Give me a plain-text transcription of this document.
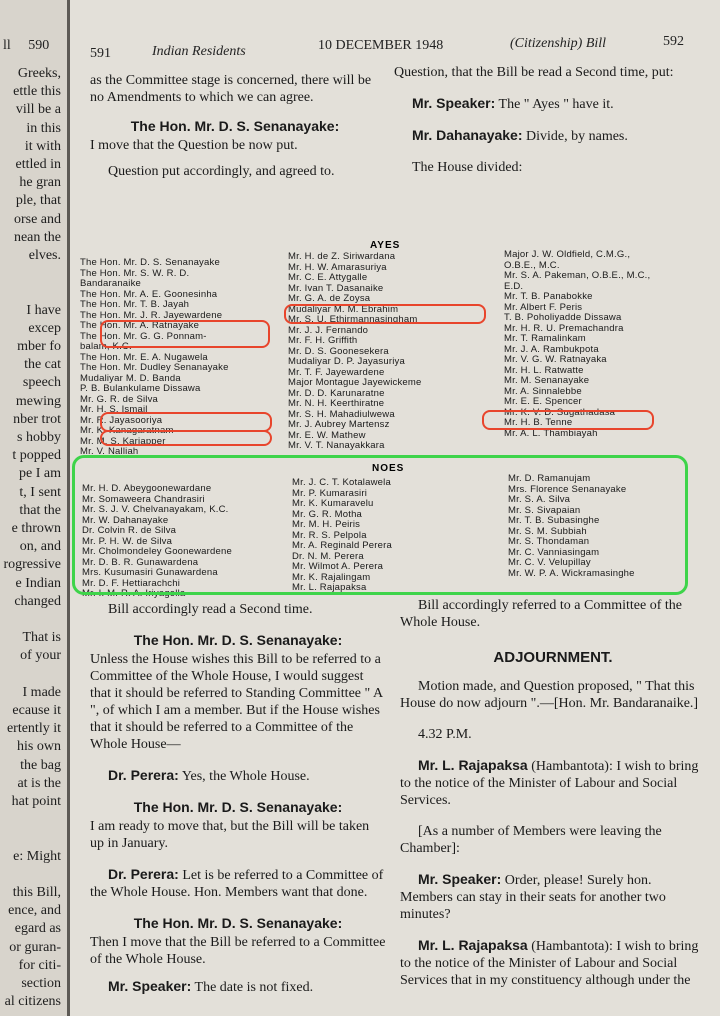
ll 590
Greeks,
ettle this
vill be a
in this
it with
ettled in
he gran
ple, that
orse and
nean the
elves.
I have
excep
mber fo
the cat
speech
mewing
nber trot
s hobby
t popped
pe I am
t, I sent
that the
e thrown
on, and
rogressive
e Indian
changed
That is
of your
I made
ecause it
ertently it
his own
the bag
at is the
hat point
e: Might
this Bill,
ence, and
egard as
or guran-
for citi-
section
al citizens
591	Indian Residents	10 DECEMBER 1948	(Citizenship) Bill	592

as the Committee stage is concerned, there will be no Amendments to which we can agree.

The Hon. Mr. D. S. Senanayake:

I move that the Question be now put.

Question put accordingly, and agreed to.

Question, that the Bill be read a Second time, put:

Mr. Speaker: The " Ayes " have it.

Mr. Dahanayake: Divide, by names.

The House divided:

AYES
The Hon. Mr. D. S. Senanayake
The Hon. Mr. S. W. R. D.
Bandaranaike
The Hon. Mr. A. E. Goonesinha
The Hon. Mr. T. B. Jayah
The Hon. Mr. J. R. Jayewardene
The Hon. Mr. A. Ratnayake
The Hon. Mr. G. G. Ponnam-
balam, K.C.
The Hon. Mr. E. A. Nugawela
The Hon. Mr. Dudley Senanayake
Mudaliyar M. D. Banda
P. B. Bulankulame Dissawa
Mr. G. R. de Silva
Mr. H. S. Ismail
Mr. R. Jayasooriya
Mr. K. Kanagaratnam
Mr. M. S. Kariapper
Mr. V. Nalliah
Mr. H. de Z. Siriwardana
Mr. H. W. Amarasuriya
Mr. C. E. Attygalle
Mr. Ivan T. Dasanaike
Mr. G. A. de Zoysa
Mudaliyar M. M. Ebrahim
Mr. S. U. Ethirmannasingham
Mr. J. J. Fernando
Mr. F. H. Griffith
Mr. D. S. Goonesekera
Mudaliyar D. P. Jayasuriya
Mr. T. F. Jayewardene
Major Montague Jayewickeme
Mr. D. D. Karunaratne
Mr. N. H. Keerthiratne
Mr. S. H. Mahadiulwewa
Mr. J. Aubrey Martensz
Mr. E. W. Mathew
Mr. V. T. Nanayakkara
Major J. W. Oldfield, C.M.G.,
O.B.E., M.C.
Mr. S. A. Pakeman, O.B.E., M.C.,
E.D.
Mr. T. B. Panabokke
Mr. Albert F. Peris
T. B. Poholiyadde Dissawa
Mr. H. R. U. Premachandra
Mr. T. Ramalinkam
Mr. J. A. Rambukpota
Mr. V. G. W. Ratnayaka
Mr. H. L. Ratwatte
Mr. M. Senanayake
Mr. A. Sinnalebbe
Mr. E. E. Spencer
Mr. K. V. D. Sugathadasa
Mr. H. B. Tenne
Mr. A. L. Thambiayah
NOES
Mr. H. D. Abeygoonewardane
Mr. Somaweera Chandrasiri
Mr. S. J. V. Chelvanayakam, K.C.
Mr. W. Dahanayake
Dr. Colvin R. de Silva
Mr. P. H. W. de Silva
Mr. Cholmondeley Goonewardene
Mr. D. B. R. Gunawardena
Mrs. Kusumasiri Gunawardena
Mr. D. F. Hettiarachchi
Mr. I. M. R. A. Iriyagolla
Mr. J. C. T. Kotalawela
Mr. P. Kumarasiri
Mr. K. Kumaravelu
Mr. G. R. Motha
Mr. M. H. Peiris
Mr. R. S. Pelpola
Mr. A. Reginald Perera
Dr. N. M. Perera
Mr. Wilmot A. Perera
Mr. K. Rajalingam
Mr. L. Rajapaksa
Mr. D. Ramanujam
Mrs. Florence Senanayake
Mr. S. A. Silva
Mr. S. Sivapaian
Mr. T. B. Subasinghe
Mr. S. M. Subbiah
Mr. S. Thondaman
Mr. C. Vanniasingam
Mr. C. V. Velupillay
Mr. W. P. A. Wickramasinghe

Bill accordingly read a Second time.

The Hon. Mr. D. S. Senanayake:

Unless the House wishes this Bill to be referred to a Committee of the Whole House, I would suggest that it should be referred to Standing Committee " A ", of which I am a member. But if the House wishes that it should be referred to a Committee of the Whole House—

Dr. Perera: Yes, the Whole House.

The Hon. Mr. D. S. Senanayake:

I am ready to move that, but the Bill will be taken up in January.

Dr. Perera: Let is be referred to a Committee of the Whole House. Hon. Members want that done.

The Hon. Mr. D. S. Senanayake:

Then I move that the Bill be referred to a Committee of the Whole House.

Mr. Speaker: The date is not fixed.

Bill accordingly referred to a Committee of the Whole House.

ADJOURNMENT.

Motion made, and Question proposed, " That this House do now adjourn ".—[Hon. Mr. Bandaranaike.]

4.32 P.M.

Mr. L. Rajapaksa (Hambantota): I wish to bring to the notice of the Minister of Labour and Social Services.

[As a number of Members were leaving the Chamber]:

Mr. Speaker: Order, please! Surely hon. Members can stay in their seats for another two minutes?

Mr. L. Rajapaksa (Hambantota): I wish to bring to the notice of the Minister of Labour and Social Services that in my constituency although under the
